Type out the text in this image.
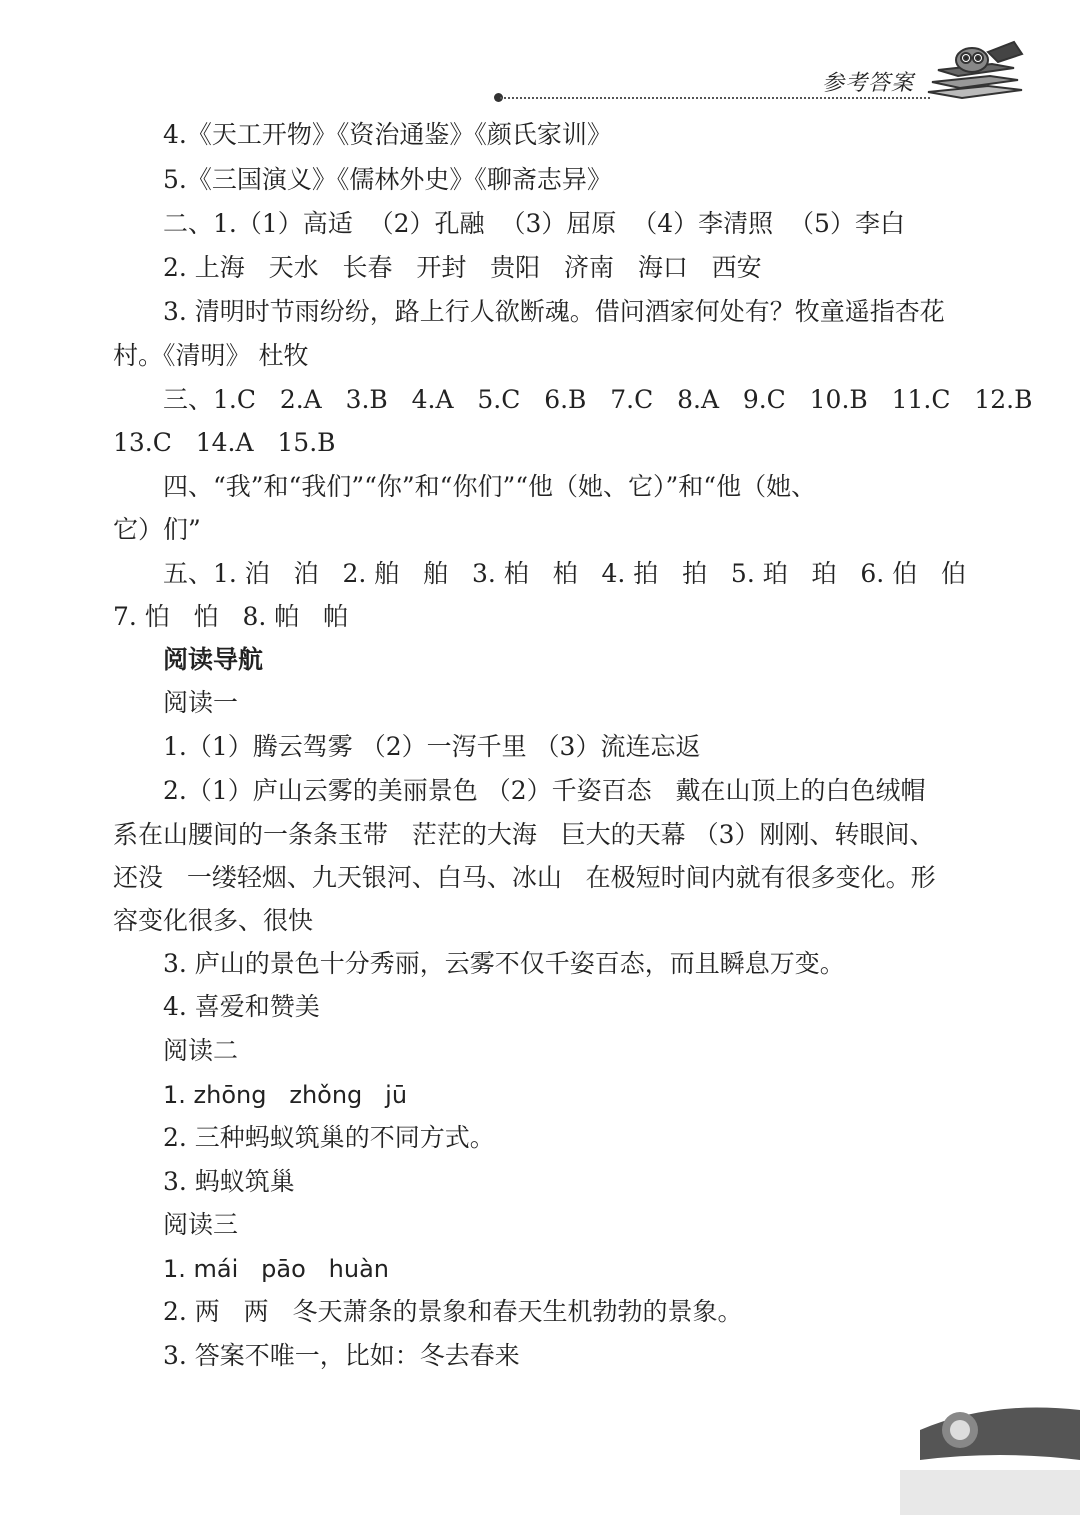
参考答案
4.《天工开物》《资治通鉴》《颜氏家训》
5.《三国演义》《儒林外史》《聊斋志异》
二、1.（1）高适  （2）孔融  （3）屈原  （4）李清照  （5）李白
2. 上海   天水   长春   开封   贵阳   济南   海口   西安
3. 清明时节雨纷纷，路上行人欲断魂。借问酒家何处有？牧童遥指杏花
村。《清明》 杜牧
三、1.C   2.A   3.B   4.A   5.C   6.B   7.C   8.A   9.C   10.B   11.C   12.B
13.C   14.A   15.B
四、“我”和“我们”“你”和“你们”“他（她、它）”和“他（她、
它）们”
五、1. 泊   泊   2. 舶   舶   3. 柏   柏   4. 拍   拍   5. 珀   珀   6. 伯   伯
7. 怕   怕   8. 帕   帕
阅读导航
阅读一
1.（1）腾云驾雾 （2）一泻千里 （3）流连忘返
2.（1）庐山云雾的美丽景色 （2）千姿百态   戴在山顶上的白色绒帽
系在山腰间的一条条玉带   茫茫的大海   巨大的天幕 （3）刚刚、转眼间、
还没   一缕轻烟、九天银河、白马、冰山   在极短时间内就有很多变化。形
容变化很多、很快
3. 庐山的景色十分秀丽，云雾不仅千姿百态，而且瞬息万变。
4. 喜爱和赞美
阅读二
1. zhōng   zhǒng   jū
2. 三种蚂蚁筑巢的不同方式。
3. 蚂蚁筑巢
阅读三
1. mái   pāo   huàn
2. 两   两   冬天萧条的景象和春天生机勃勃的景象。
3. 答案不唯一，比如：冬去春来
